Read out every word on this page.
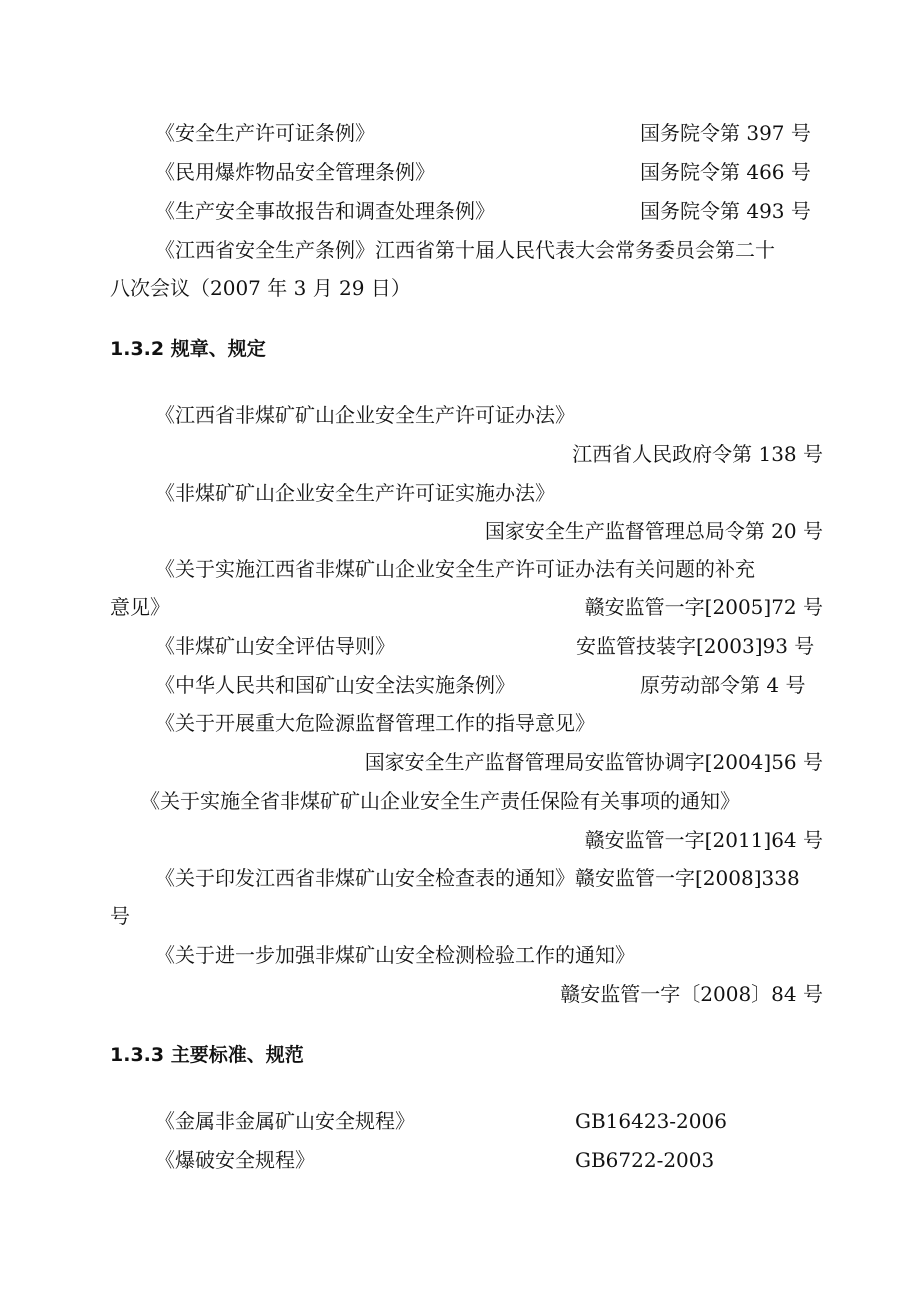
《安全生产许可证条例》	国务院令第 397 号
《民用爆炸物品安全管理条例》	国务院令第 466 号
《生产安全事故报告和调查处理条例》	国务院令第 493 号
《江西省安全生产条例》江西省第十届人民代表大会常务委员会第二十
八次会议（2007 年 3 月 29 日）
1.3.2 规章、规定
《江西省非煤矿矿山企业安全生产许可证办法》
江西省人民政府令第 138 号
《非煤矿矿山企业安全生产许可证实施办法》
国家安全生产监督管理总局令第 20 号
《关于实施江西省非煤矿山企业安全生产许可证办法有关问题的补充
意见》	赣安监管一字[2005]72 号
《非煤矿山安全评估导则》	安监管技装字[2003]93 号
《中华人民共和国矿山安全法实施条例》	原劳动部令第 4 号
《关于开展重大危险源监督管理工作的指导意见》
国家安全生产监督管理局安监管协调字[2004]56 号
《关于实施全省非煤矿矿山企业安全生产责任保险有关事项的通知》
赣安监管一字[2011]64 号
《关于印发江西省非煤矿山安全检查表的通知》赣安监管一字[2008]338
号
《关于进一步加强非煤矿山安全检测检验工作的通知》
赣安监管一字〔2008〕84 号
1.3.3 主要标准、规范
《金属非金属矿山安全规程》	GB16423-2006
《爆破安全规程》	GB6722-2003
